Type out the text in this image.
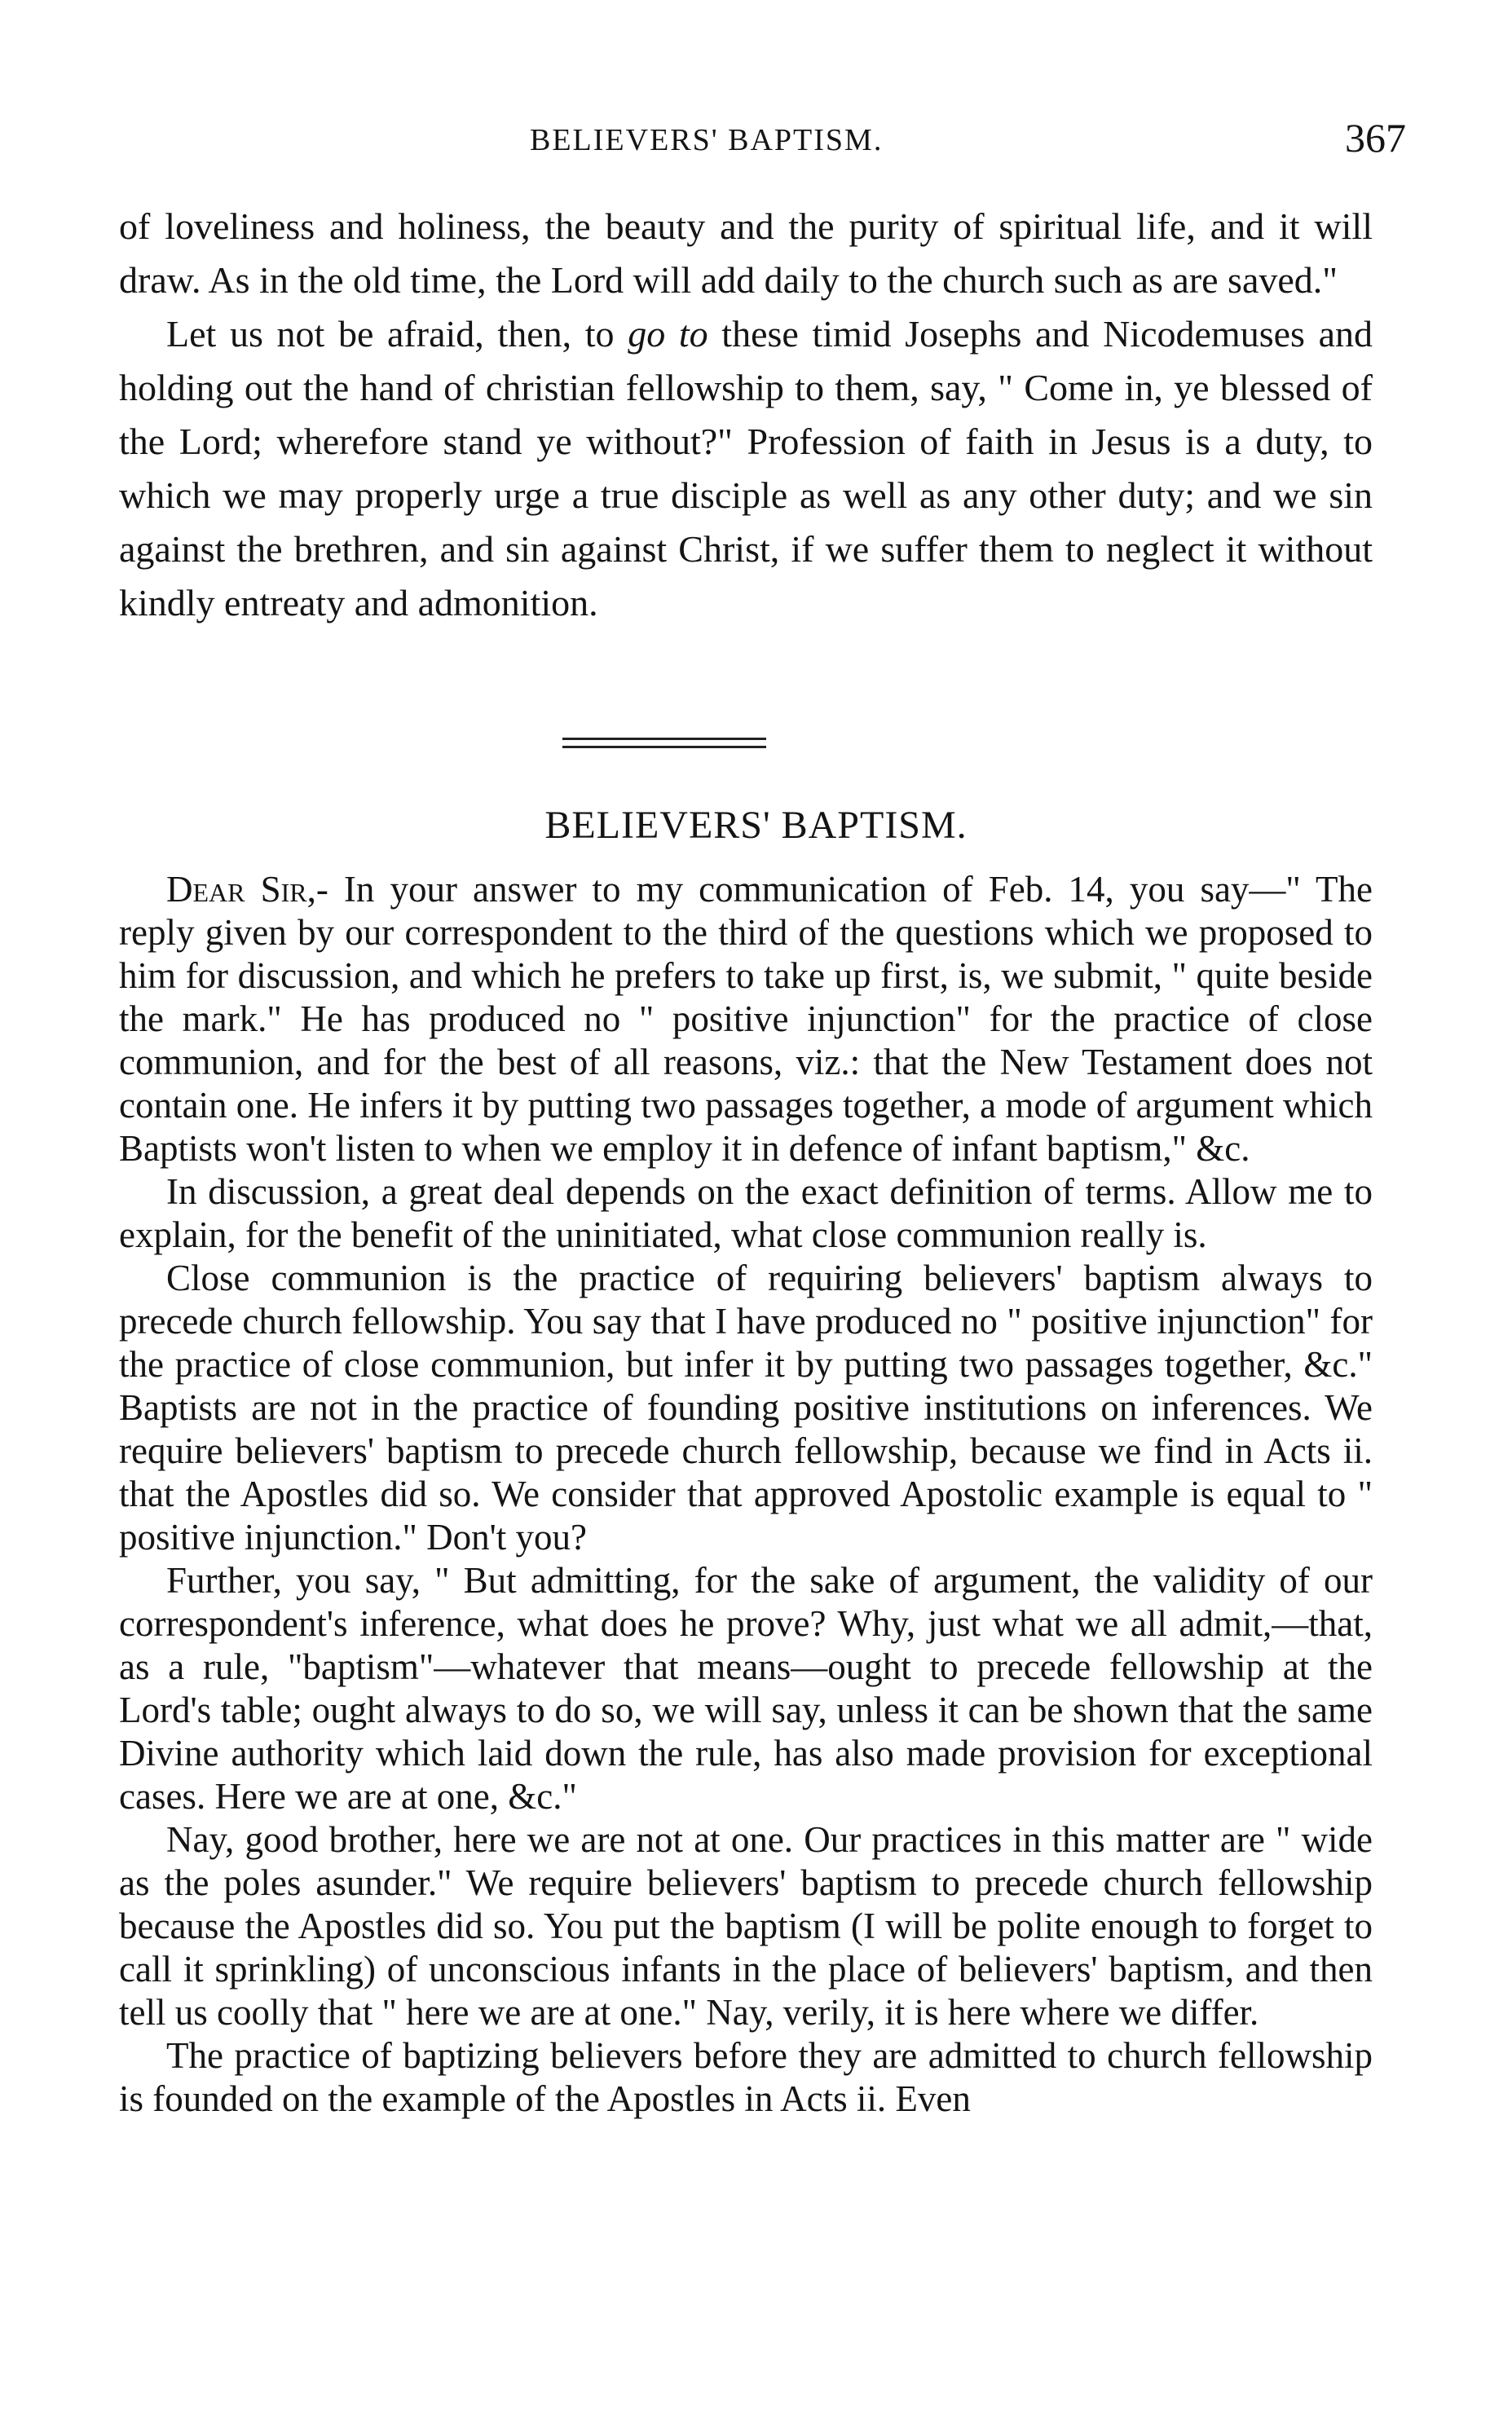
BELIEVERS' BAPTISM.	367

of loveliness and holiness, the beauty and the purity of spiritual life, and it will draw. As in the old time, the Lord will add daily to the church such as are saved."

Let us not be afraid, then, to go to these timid Josephs and Nicodemuses and holding out the hand of christian fellowship to them, say, " Come in, ye blessed of the Lord; wherefore stand ye without?" Profession of faith in Jesus is a duty, to which we may properly urge a true disciple as well as any other duty; and we sin against the brethren, and sin against Christ, if we suffer them to neglect it without kindly entreaty and admonition.

BELIEVERS' BAPTISM.

Dear Sir,- In your answer to my communication of Feb. 14, you say—" The reply given by our correspondent to the third of the questions which we proposed to him for discussion, and which he prefers to take up first, is, we submit, " quite beside the mark." He has produced no " positive injunction" for the practice of close communion, and for the best of all reasons, viz.: that the New Testament does not contain one. He infers it by putting two passages together, a mode of argument which Baptists won't listen to when we employ it in defence of infant baptism," &c.

In discussion, a great deal depends on the exact definition of terms. Allow me to explain, for the benefit of the uninitiated, what close communion really is.

Close communion is the practice of requiring believers' baptism always to precede church fellowship. You say that I have produced no " positive injunction" for the practice of close communion, but infer it by putting two passages together, &c." Baptists are not in the practice of founding positive institutions on inferences. We require believers' baptism to precede church fellowship, because we find in Acts ii. that the Apostles did so. We consider that approved Apostolic example is equal to " positive injunction." Don't you?

Further, you say, " But admitting, for the sake of argument, the validity of our correspondent's inference, what does he prove? Why, just what we all admit,—that, as a rule, "baptism"—whatever that means—ought to precede fellowship at the Lord's table; ought always to do so, we will say, unless it can be shown that the same Divine authority which laid down the rule, has also made provision for exceptional cases. Here we are at one, &c."

Nay, good brother, here we are not at one. Our practices in this matter are " wide as the poles asunder." We require believers' baptism to precede church fellowship because the Apostles did so. You put the baptism (I will be polite enough to forget to call it sprinkling) of unconscious infants in the place of believers' baptism, and then tell us coolly that " here we are at one." Nay, verily, it is here where we differ.

The practice of baptizing believers before they are admitted to church fellowship is founded on the example of the Apostles in Acts ii. Even
